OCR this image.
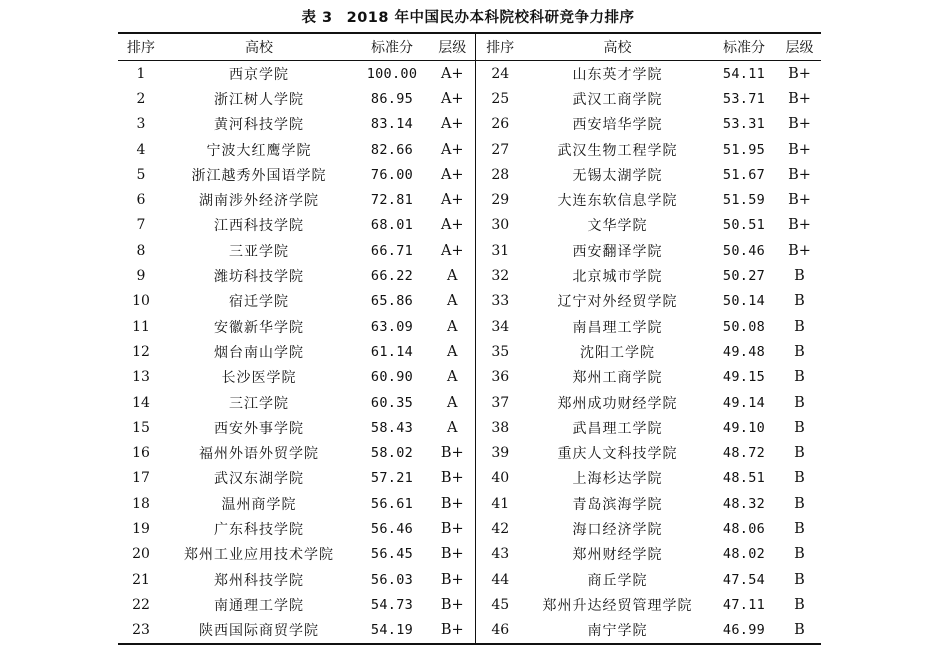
表 3 2018 年中国民办本科院校科研竞争力排序
排序	高校	标准分	层级	排序	高校	标准分	层级
1	西京学院	100.00	A+	24	山东英才学院	54.11	B+
2	浙江树人学院	86.95	A+	25	武汉工商学院	53.71	B+
3	黄河科技学院	83.14	A+	26	西安培华学院	53.31	B+
4	宁波大红鹰学院	82.66	A+	27	武汉生物工程学院	51.95	B+
5	浙江越秀外国语学院	76.00	A+	28	无锡太湖学院	51.67	B+
6	湖南涉外经济学院	72.81	A+	29	大连东软信息学院	51.59	B+
7	江西科技学院	68.01	A+	30	文华学院	50.51	B+
8	三亚学院	66.71	A+	31	西安翻译学院	50.46	B+
9	潍坊科技学院	66.22	A	32	北京城市学院	50.27	B
10	宿迁学院	65.86	A	33	辽宁对外经贸学院	50.14	B
11	安徽新华学院	63.09	A	34	南昌理工学院	50.08	B
12	烟台南山学院	61.14	A	35	沈阳工学院	49.48	B
13	长沙医学院	60.90	A	36	郑州工商学院	49.15	B
14	三江学院	60.35	A	37	郑州成功财经学院	49.14	B
15	西安外事学院	58.43	A	38	武昌理工学院	49.10	B
16	福州外语外贸学院	58.02	B+	39	重庆人文科技学院	48.72	B
17	武汉东湖学院	57.21	B+	40	上海杉达学院	48.51	B
18	温州商学院	56.61	B+	41	青岛滨海学院	48.32	B
19	广东科技学院	56.46	B+	42	海口经济学院	48.06	B
20	郑州工业应用技术学院	56.45	B+	43	郑州财经学院	48.02	B
21	郑州科技学院	56.03	B+	44	商丘学院	47.54	B
22	南通理工学院	54.73	B+	45	郑州升达经贸管理学院	47.11	B
23	陕西国际商贸学院	54.19	B+	46	南宁学院	46.99	B
